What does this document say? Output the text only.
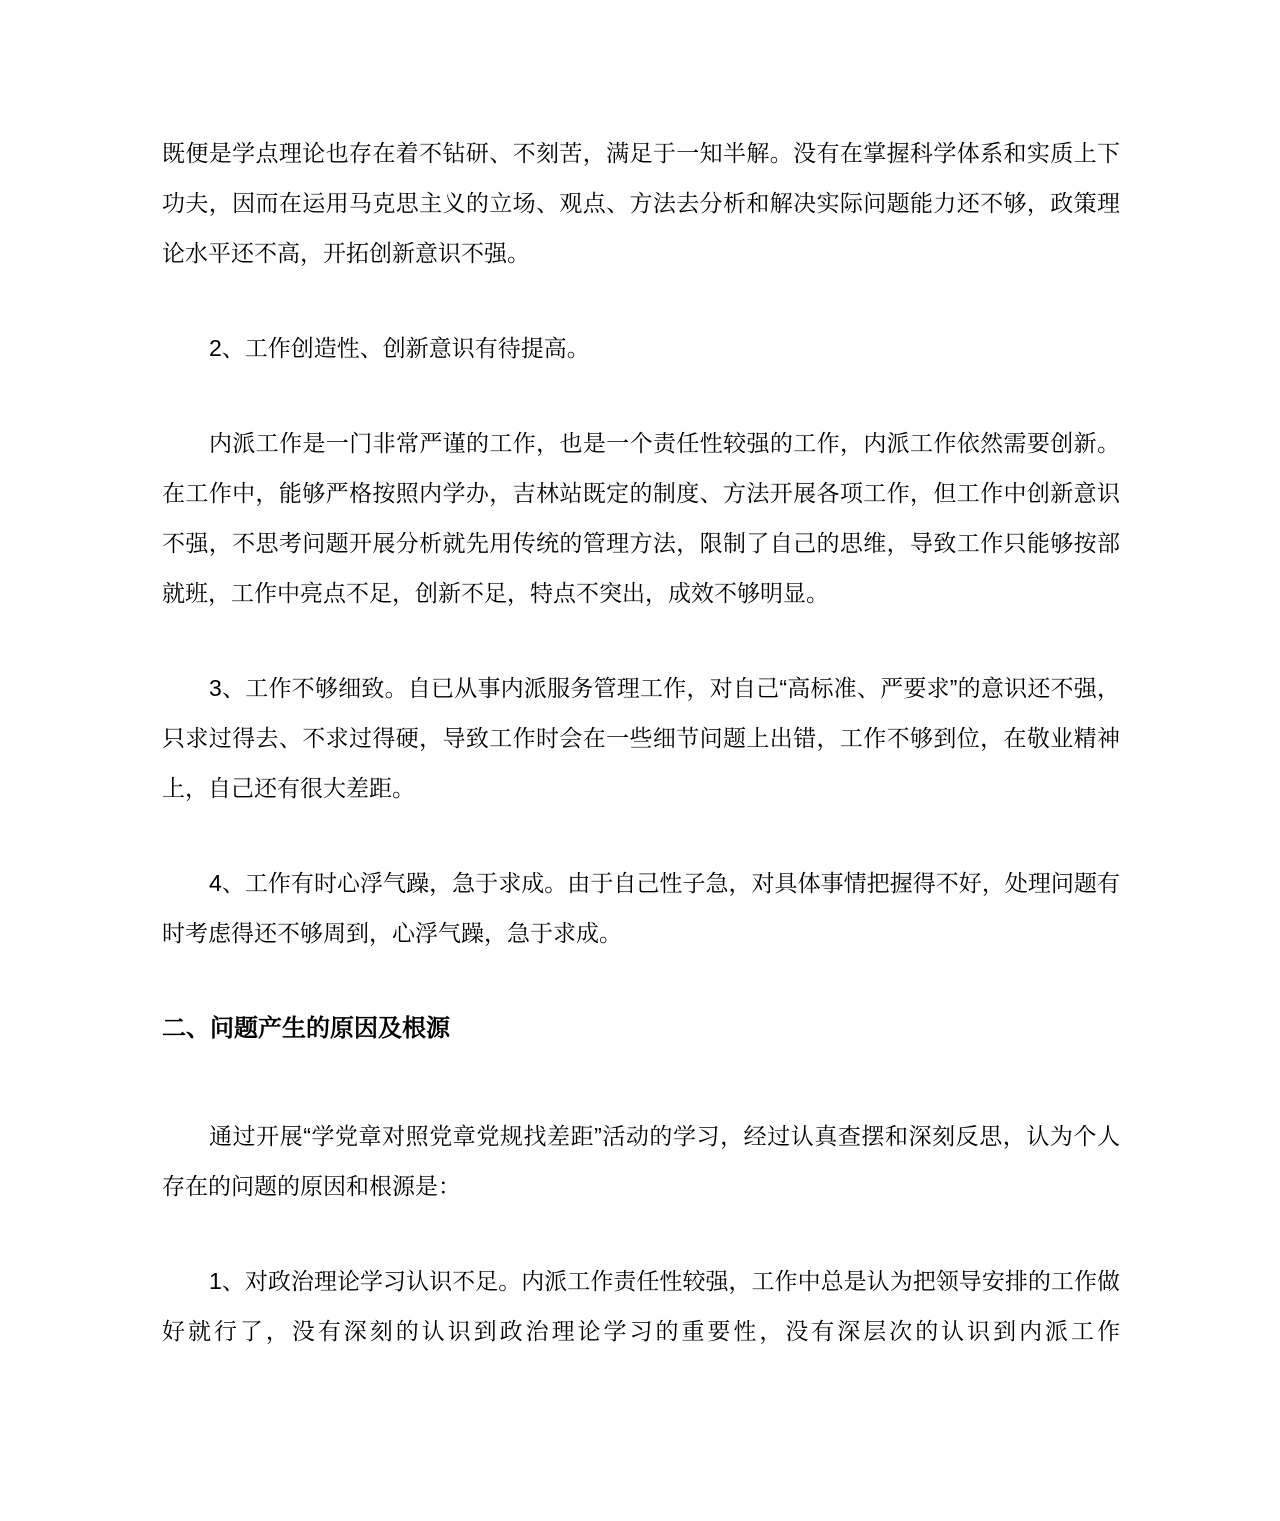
既便是学点理论也存在着不钻研、不刻苦，满足于一知半解。没有在掌握科学体系和实质上下功夫，因而在运用马克思主义的立场、观点、方法去分析和解决实际问题能力还不够，政策理论水平还不高，开拓创新意识不强。

2、工作创造性、创新意识有待提高。

内派工作是一门非常严谨的工作，也是一个责任性较强的工作，内派工作依然需要创新。在工作中，能够严格按照内学办，吉林站既定的制度、方法开展各项工作，但工作中创新意识不强，不思考问题开展分析就先用传统的管理方法，限制了自己的思维，导致工作只能够按部就班，工作中亮点不足，创新不足，特点不突出，成效不够明显。

3、工作不够细致。自已从事内派服务管理工作，对自己“高标准、严要求”的意识还不强，只求过得去、不求过得硬，导致工作时会在一些细节问题上出错，工作不够到位，在敬业精神上，自己还有很大差距。

4、工作有时心浮气躁，急于求成。由于自己性子急，对具体事情把握得不好，处理问题有时考虑得还不够周到，心浮气躁，急于求成。

二、问题产生的原因及根源

通过开展“学党章对照党章党规找差距”活动的学习，经过认真查摆和深刻反思，认为个人存在的问题的原因和根源是：

1、对政治理论学习认识不足。内派工作责任性较强，工作中总是认为把领导安排的工作做好就行了，没有深刻的认识到政治理论学习的重要性，没有深层次的认识到内派工作
